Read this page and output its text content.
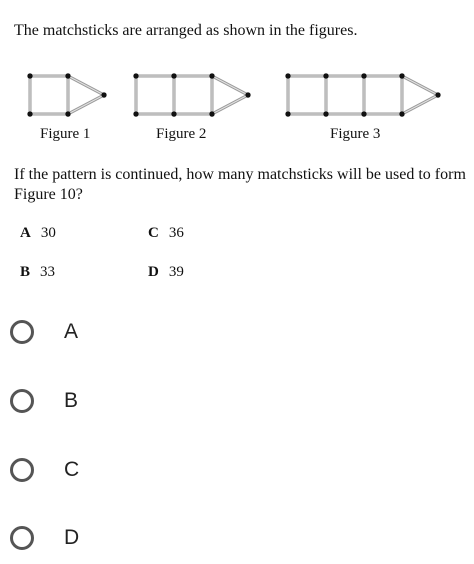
The matchsticks are arranged as shown in the figures.
Figure 1	Figure 2	Figure 3
If the pattern is continued, how many matchsticks will be used to form Figure 10?
A 30	C 36
B 33	D 39
A
B
C
D
